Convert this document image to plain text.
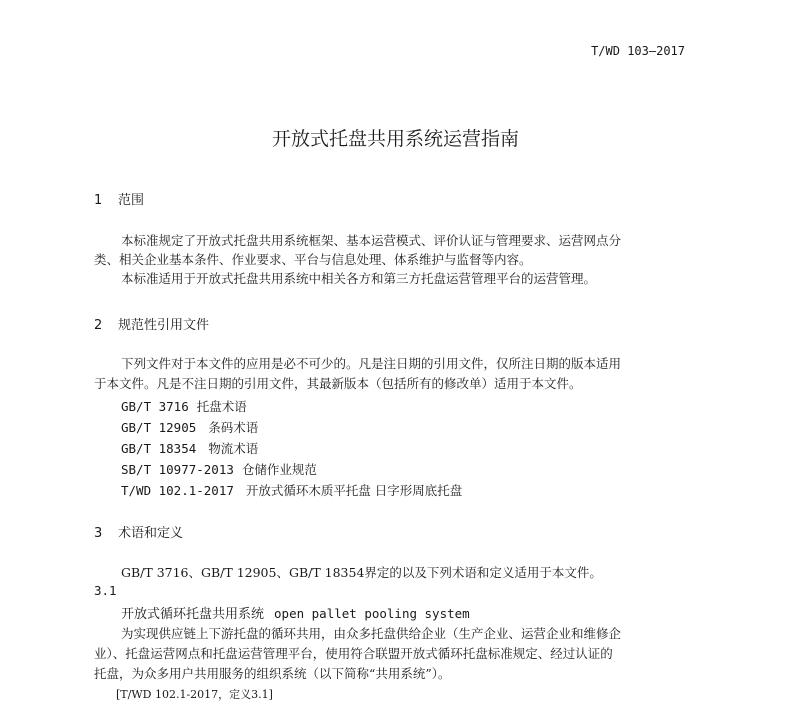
T/WD 103—2017
开放式托盘共用系统运营指南
1 范围
本标准规定了开放式托盘共用系统框架、基本运营模式、评价认证与管理要求、运营网点分
类、相关企业基本条件、作业要求、平台与信息处理、体系维护与监督等内容。
本标准适用于开放式托盘共用系统中相关各方和第三方托盘运营管理平台的运营管理。
2 规范性引用文件
下列文件对于本文件的应用是必不可少的。凡是注日期的引用文件，仅所注日期的版本适用
于本文件。凡是不注日期的引用文件，其最新版本（包括所有的修改单）适用于本文件。
GB/T 3716 托盘术语
GB/T 12905 条码术语
GB/T 18354 物流术语
SB/T 10977-2013 仓储作业规范
T/WD 102.1-2017 开放式循环木质平托盘 日字形周底托盘
3 术语和定义
GB/T 3716、GB/T 12905、GB/T 18354界定的以及下列术语和定义适用于本文件。
3.1
开放式循环托盘共用系统 open pallet pooling system
为实现供应链上下游托盘的循环共用，由众多托盘供给企业（生产企业、运营企业和维修企
业）、托盘运营网点和托盘运营管理平台，使用符合联盟开放式循环托盘标准规定、经过认证的
托盘，为众多用户共用服务的组织系统（以下简称“共用系统”）。
[T/WD 102.1-2017，定义3.1]
